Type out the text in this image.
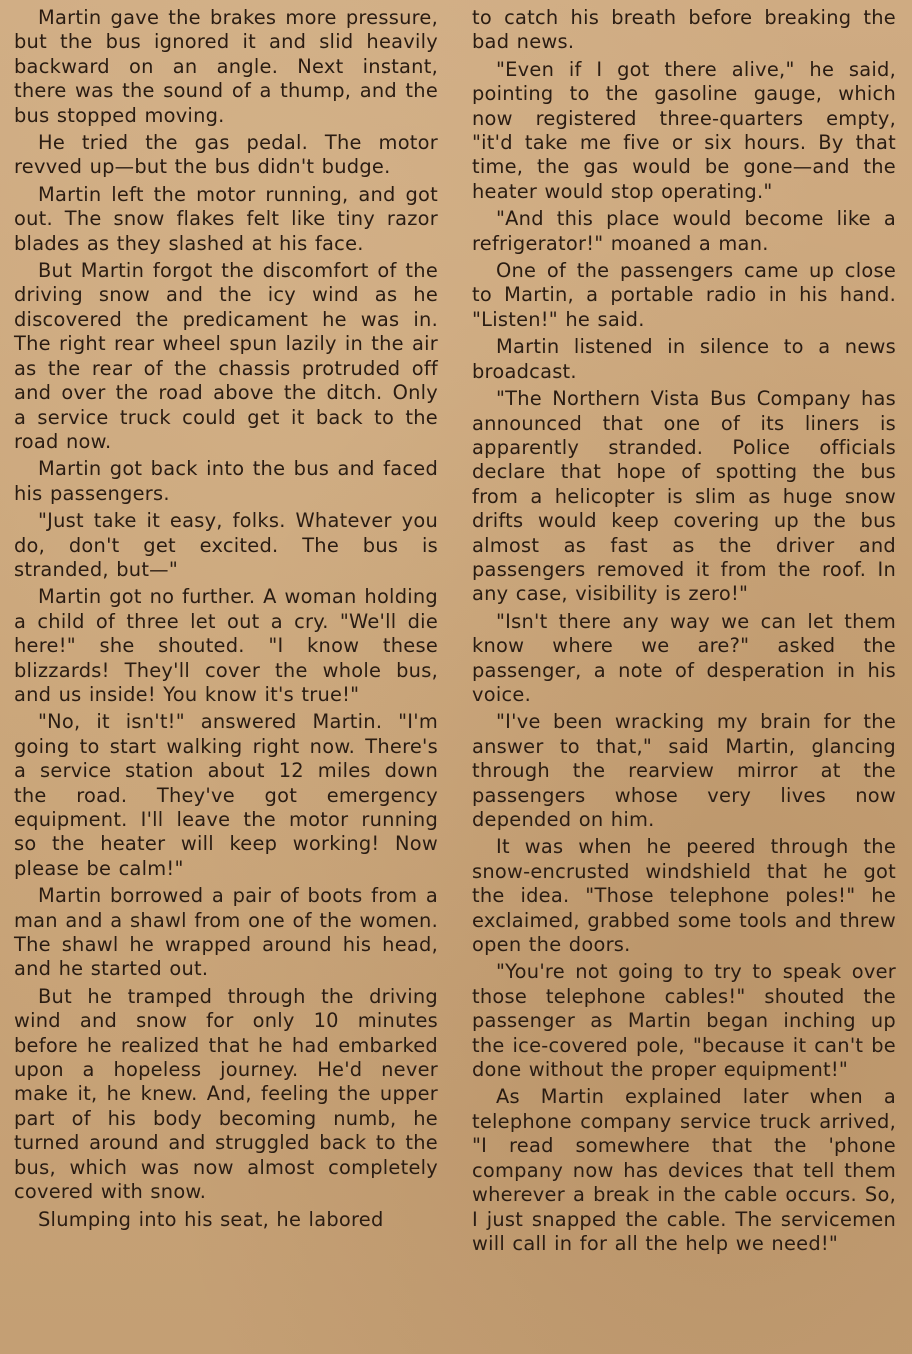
Martin gave the brakes more pressure, but the bus ignored it and slid heavily backward on an angle. Next instant, there was the sound of a thump, and the bus stopped moving.

He tried the gas pedal. The motor revved up—but the bus didn't budge.

Martin left the motor running, and got out. The snow flakes felt like tiny razor blades as they slashed at his face.

But Martin forgot the discomfort of the driving snow and the icy wind as he discovered the predicament he was in. The right rear wheel spun lazily in the air as the rear of the chassis protruded off and over the road above the ditch. Only a service truck could get it back to the road now.

Martin got back into the bus and faced his passengers.

"Just take it easy, folks. Whatever you do, don't get excited. The bus is stranded, but—"

Martin got no further. A woman holding a child of three let out a cry. "We'll die here!" she shouted. "I know these blizzards! They'll cover the whole bus, and us inside! You know it's true!"

"No, it isn't!" answered Martin. "I'm going to start walking right now. There's a service station about 12 miles down the road. They've got emergency equipment. I'll leave the motor running so the heater will keep working! Now please be calm!"

Martin borrowed a pair of boots from a man and a shawl from one of the women. The shawl he wrapped around his head, and he started out.

But he tramped through the driving wind and snow for only 10 minutes before he realized that he had embarked upon a hopeless journey. He'd never make it, he knew. And, feeling the upper part of his body becoming numb, he turned around and struggled back to the bus, which was now almost completely covered with snow.

Slumping into his seat, he labored

to catch his breath before breaking the bad news.

"Even if I got there alive," he said, pointing to the gasoline gauge, which now registered three-quarters empty, "it'd take me five or six hours. By that time, the gas would be gone—and the heater would stop operating."

"And this place would become like a refrigerator!" moaned a man.

One of the passengers came up close to Martin, a portable radio in his hand. "Listen!" he said.

Martin listened in silence to a news broadcast.

"The Northern Vista Bus Company has announced that one of its liners is apparently stranded. Police officials declare that hope of spotting the bus from a helicopter is slim as huge snow drifts would keep covering up the bus almost as fast as the driver and passengers removed it from the roof. In any case, visibility is zero!"

"Isn't there any way we can let them know where we are?" asked the passenger, a note of desperation in his voice.

"I've been wracking my brain for the answer to that," said Martin, glancing through the rearview mirror at the passengers whose very lives now depended on him.

It was when he peered through the snow-encrusted windshield that he got the idea. "Those telephone poles!" he exclaimed, grabbed some tools and threw open the doors.

"You're not going to try to speak over those telephone cables!" shouted the passenger as Martin began inching up the ice-covered pole, "because it can't be done without the proper equipment!"

As Martin explained later when a telephone company service truck arrived, "I read somewhere that the 'phone company now has devices that tell them wherever a break in the cable occurs. So, I just snapped the cable. The servicemen will call in for all the help we need!"
